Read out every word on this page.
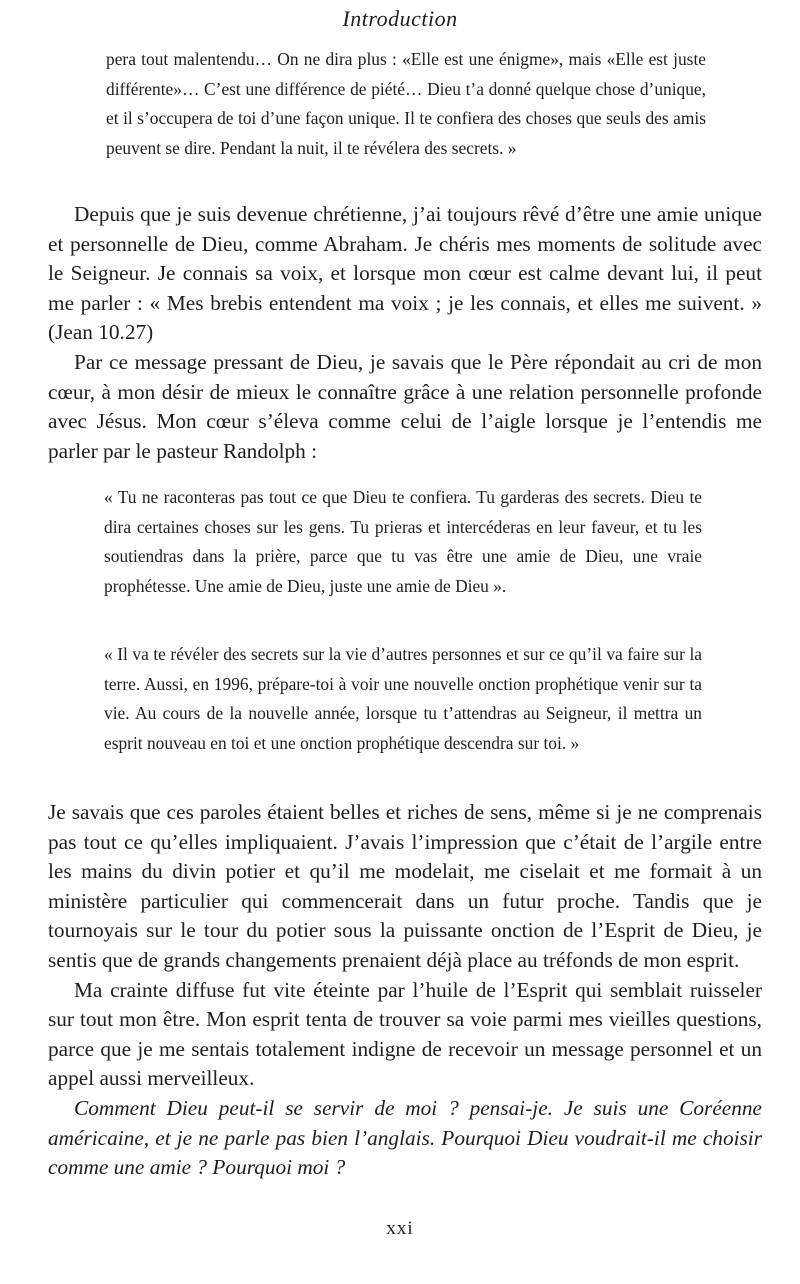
Introduction

pera tout malentendu… On ne dira plus : «Elle est une énigme», mais «Elle est juste différente»… C’est une différence de piété… Dieu t’a donné quelque chose d’unique, et il s’occupera de toi d’une façon unique. Il te confiera des choses que seuls des amis peuvent se dire. Pendant la nuit, il te révélera des secrets. »

Depuis que je suis devenue chrétienne, j’ai toujours rêvé d’être une amie unique et personnelle de Dieu, comme Abraham. Je chéris mes moments de solitude avec le Seigneur. Je connais sa voix, et lorsque mon cœur est calme devant lui, il peut me parler : « Mes brebis entendent ma voix ; je les connais, et elles me suivent. » (Jean 10.27)

Par ce message pressant de Dieu, je savais que le Père répondait au cri de mon cœur, à mon désir de mieux le connaître grâce à une relation personnelle profonde avec Jésus. Mon cœur s’éleva comme celui de l’aigle lorsque je l’entendis me parler par le pasteur Randolph :

« Tu ne raconteras pas tout ce que Dieu te confiera. Tu garderas des secrets. Dieu te dira certaines choses sur les gens. Tu prieras et intercéderas en leur faveur, et tu les soutiendras dans la prière, parce que tu vas être une amie de Dieu, une vraie prophétesse. Une amie de Dieu, juste une amie de Dieu ».

« Il va te révéler des secrets sur la vie d’autres personnes et sur ce qu’il va faire sur la terre. Aussi, en 1996, prépare-toi à voir une nouvelle onction prophétique venir sur ta vie. Au cours de la nouvelle année, lorsque tu t’attendras au Seigneur, il mettra un esprit nouveau en toi et une onction prophétique descendra sur toi. »

Je savais que ces paroles étaient belles et riches de sens, même si je ne comprenais pas tout ce qu’elles impliquaient. J’avais l’impression que c’était de l’argile entre les mains du divin potier et qu’il me modelait, me ciselait et me formait à un ministère particulier qui commencerait dans un futur proche. Tandis que je tournoyais sur le tour du potier sous la puissante onction de l’Esprit de Dieu, je sentis que de grands changements prenaient déjà place au tréfonds de mon esprit.

Ma crainte diffuse fut vite éteinte par l’huile de l’Esprit qui semblait ruisseler sur tout mon être. Mon esprit tenta de trouver sa voie parmi mes vieilles questions, parce que je me sentais totalement indigne de recevoir un message personnel et un appel aussi merveilleux.

Comment Dieu peut-il se servir de moi ? pensai-je. Je suis une Coréenne américaine, et je ne parle pas bien l’anglais. Pourquoi Dieu voudrait-il me choisir comme une amie ? Pourquoi moi ?

xxi
